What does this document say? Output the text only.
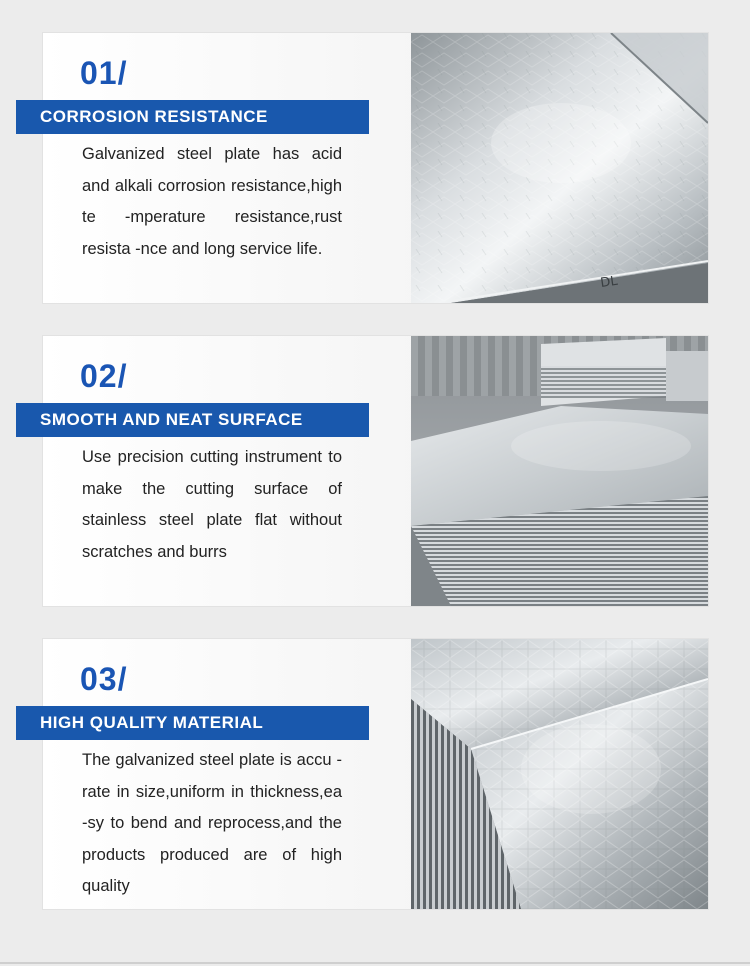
01/
CORROSION RESISTANCE

Galvanized steel plate has acid and alkali corrosion resistance,high te -mperature resistance,rust resista -nce and long service life.

DL
02/
SMOOTH AND NEAT SURFACE

Use precision cutting instrument to make the cutting surface of stainless steel plate flat without scratches and burrs

03/
HIGH QUALITY MATERIAL

The galvanized steel plate is accu -rate in size,uniform in thickness,ea -sy to bend and reprocess,and the products produced are of high quality
